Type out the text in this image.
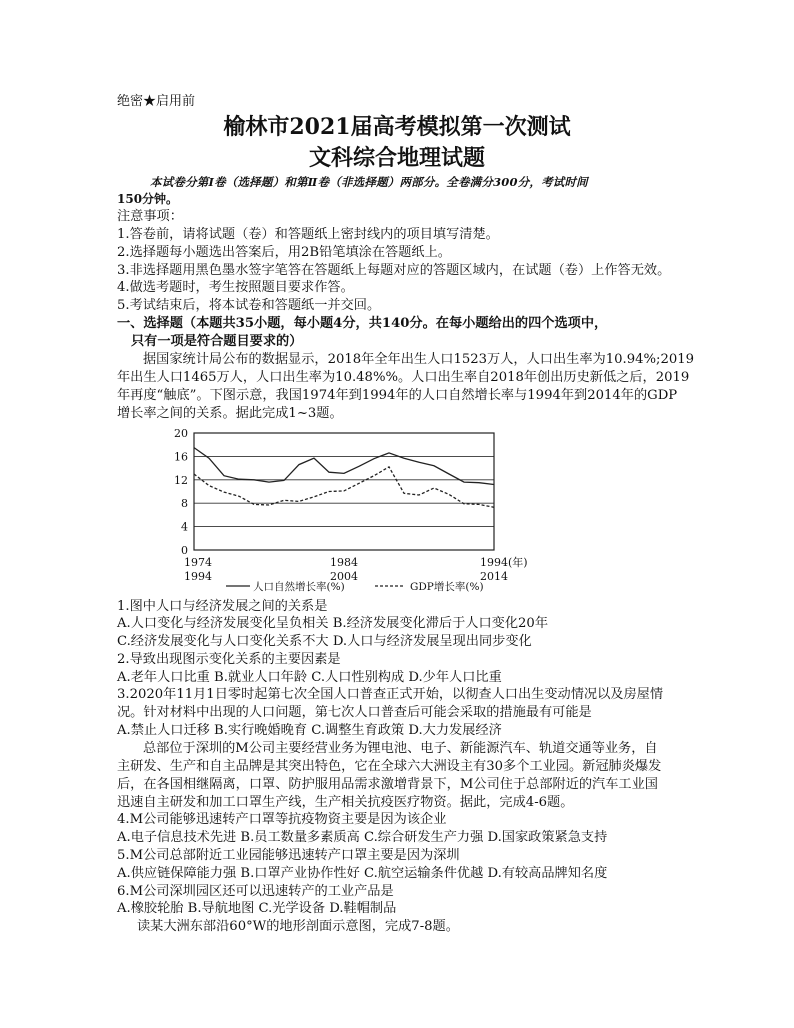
绝密★启用前
榆林市2021届高考模拟第一次测试
文科综合地理试题
本试卷分第Ⅰ卷（选择题）和第Ⅱ卷（非选择题）两部分。全卷满分300分，考试时间
150分钟。
注意事项：
1.答卷前，请将试题（卷）和答题纸上密封线内的项目填写清楚。
2.选择题每小题选出答案后，用2B铅笔填涂在答题纸上。
3.非选择题用黑色墨水签字笔答在答题纸上每题对应的答题区域内，在试题（卷）上作答无效。
4.做选考题时，考生按照题目要求作答。
5.考试结束后，将本试卷和答题纸一并交回。
一、选择题（本题共35小题，每小题4分，共140分。在每小题给出的四个选项中，
只有一项是符合题目要求的）
据国家统计局公布的数据显示，2018年全年出生人口1523万人，人口出生率为10.94%;2019
年出生人口1465万人，人口出生率为10.48%%。人口出生率自2018年创出历史新低之后，2019
年再度“触底”。下图示意，我国1974年到1994年的人口自然增长率与1994年到2014年的GDP
增长率之间的关系。据此完成1~3题。
0
4
8
12
16
20
1974	1984	1994
1994	2004	2014
(年)
人口自然增长率(%)	GDP增长率(%)
1.图中人口与经济发展之间的关系是
A.人口变化与经济发展变化呈负相关 B.经济发展变化滞后于人口变化20年
C.经济发展变化与人口变化关系不大 D.人口与经济发展呈现出同步变化
2.导致出现图示变化关系的主要因素是
A.老年人口比重 B.就业人口年龄 C.人口性别构成 D.少年人口比重
3.2020年11月1日零时起第七次全国人口普查正式开始，以彻查人口出生变动情况以及房屋情
况。针对材料中出现的人口问题，第七次人口普查后可能会采取的措施最有可能是
A.禁止人口迁移 B.实行晚婚晚育 C.调整生育政策 D.大力发展经济
总部位于深圳的M公司主要经营业务为锂电池、电子、新能源汽车、轨道交通等业务，自
主研发、生产和自主品牌是其突出特色，它在全球六大洲设主有30多个工业园。新冠肺炎爆发
后，在各国相继隔离，口罩、防护服用品需求激增背景下，M公司住于总部附近的汽车工业国
迅速自主研发和加工口罩生产线，生产相关抗疫医疗物资。据此，完成4-6题。
4.M公司能够迅速转产口罩等抗疫物资主要是因为该企业
A.电子信息技术先进 B.员工数量多素质高 C.综合研发生产力强 D.国家政策紧急支持
5.M公司总部附近工业园能够迅速转产口罩主要是因为深圳
A.供应链保障能力强 B.口罩产业协作性好 C.航空运输条件优越 D.有较高品牌知名度
6.M公司深圳园区还可以迅速转产的工业产品是
A.橡胶轮胎 B.导航地图 C.光学设备 D.鞋帽制品
读某大洲东部沿60°W的地形剖面示意图，完成7-8题。
